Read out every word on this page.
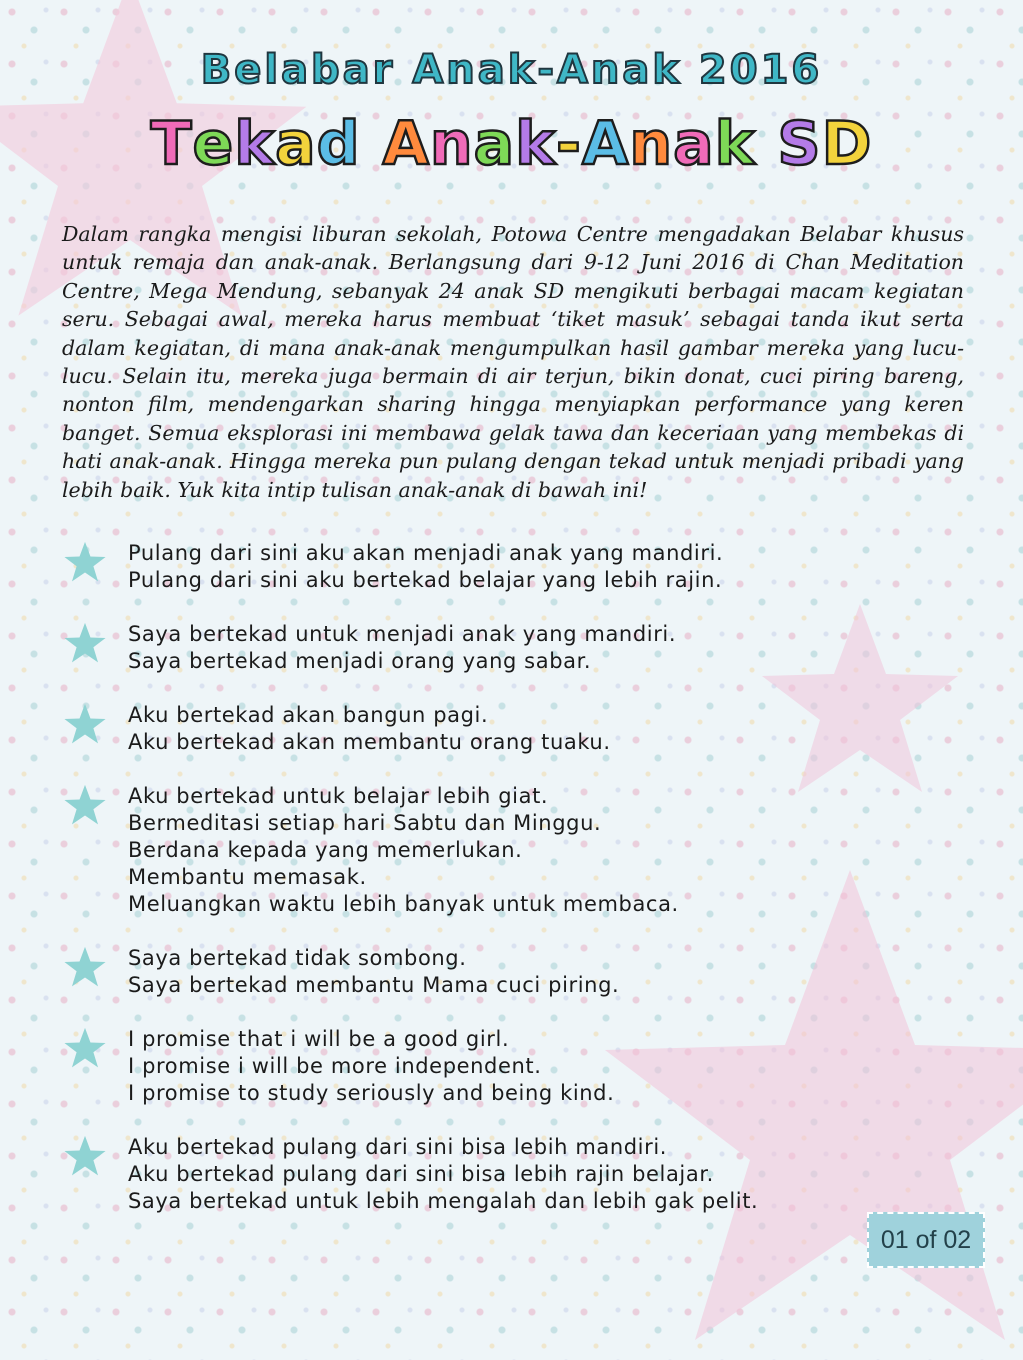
Belabar Anak-Anak 2016
Tekad Anak-Anak SD

Dalam rangka mengisi liburan sekolah, Potowa Centre mengadakan Belabar khusus untuk remaja dan anak-anak. Berlangsung dari 9-12 Juni 2016 di Chan Meditation Centre, Mega Mendung, sebanyak 24 anak SD mengikuti berbagai macam kegiatan seru. Sebagai awal, mereka harus membuat ‘tiket masuk’ sebagai tanda ikut serta dalam kegiatan, di mana anak-anak mengumpulkan hasil gambar mereka yang lucu-lucu. Selain itu, mereka juga bermain di air terjun, bikin donat, cuci piring bareng, nonton film, mendengarkan sharing hingga menyiapkan performance yang keren banget. Semua eksplorasi ini membawa gelak tawa dan keceriaan yang membekas di hati anak-anak. Hingga mereka pun pulang dengan tekad untuk menjadi pribadi yang lebih baik. Yuk kita intip tulisan anak-anak di bawah ini!

Pulang dari sini aku akan menjadi anak yang mandiri.
Pulang dari sini aku bertekad belajar yang lebih rajin.
Saya bertekad untuk menjadi anak yang mandiri.
Saya bertekad menjadi orang yang sabar.
Aku bertekad akan bangun pagi.
Aku bertekad akan membantu orang tuaku.
Aku bertekad untuk belajar lebih giat.
Bermeditasi setiap hari Sabtu dan Minggu.
Berdana kepada yang memerlukan.
Membantu memasak.
Meluangkan waktu lebih banyak untuk membaca.
Saya bertekad tidak sombong.
Saya bertekad membantu Mama cuci piring.
I promise that i will be a good girl.
I promise i will be more independent.
I promise to study seriously and being kind.
Aku bertekad pulang dari sini bisa lebih mandiri.
Aku bertekad pulang dari sini bisa lebih rajin belajar.
Saya bertekad untuk lebih mengalah dan lebih gak pelit.
01 of 02
